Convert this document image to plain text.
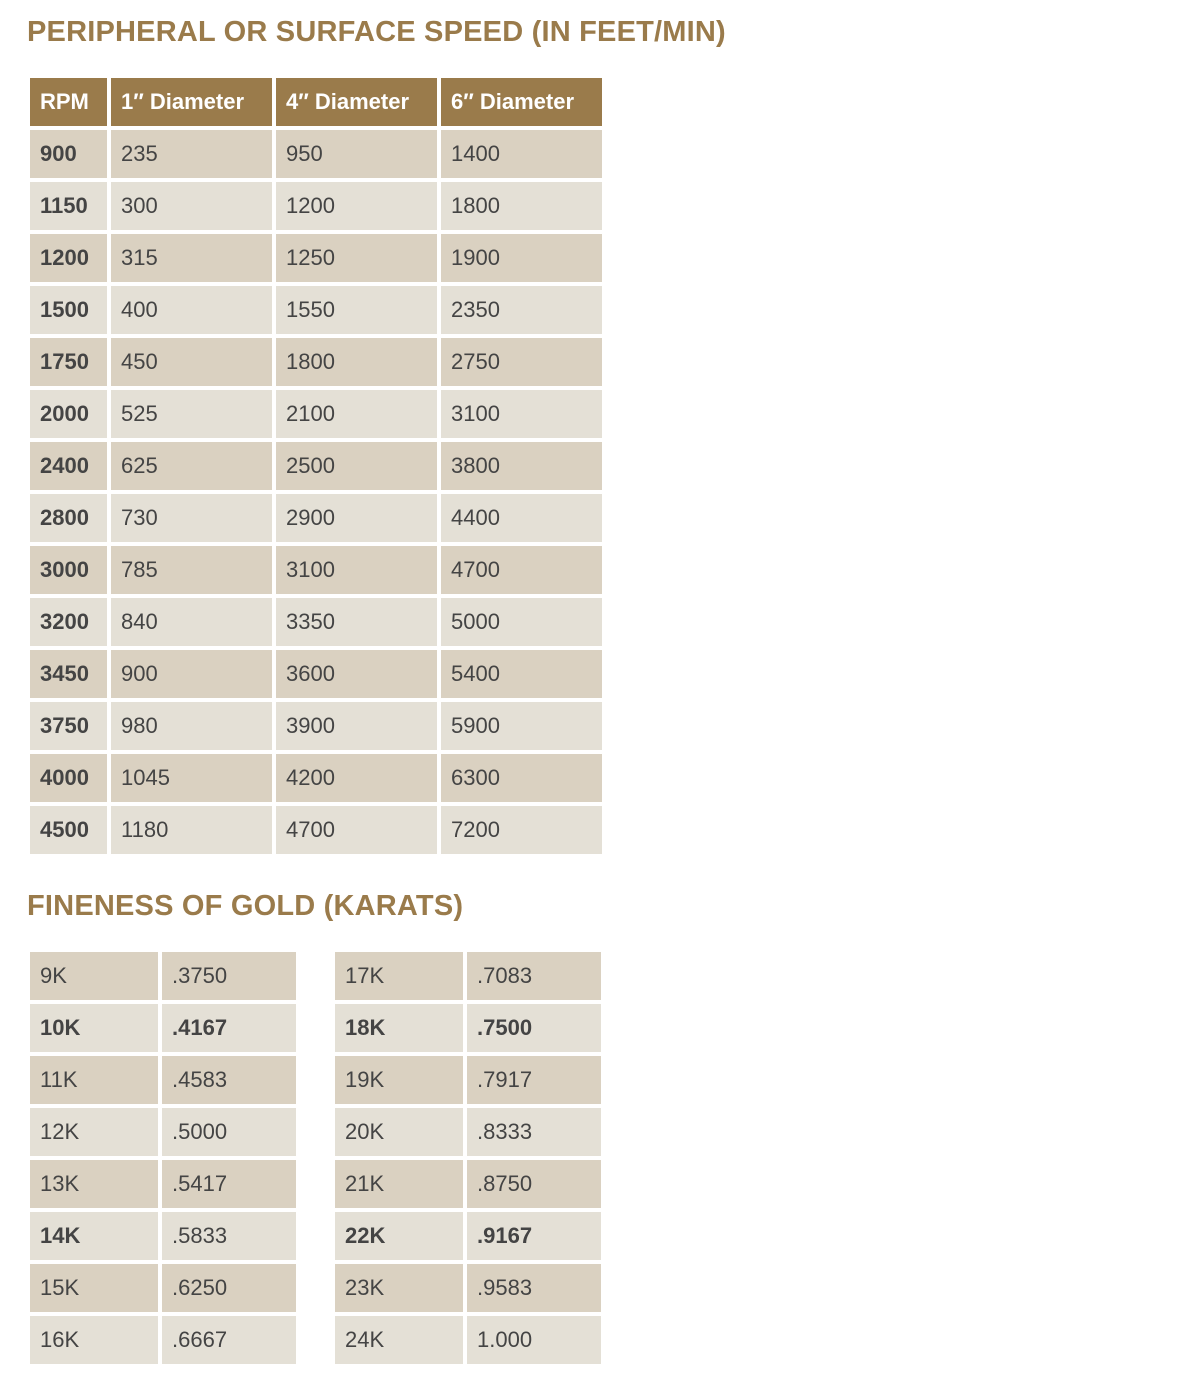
PERIPHERAL OR SURFACE SPEED (IN FEET/MIN)
RPM	1″ Diameter	4″ Diameter	6″ Diameter
900	235	950	1400
1150	300	1200	1800
1200	315	1250	1900
1500	400	1550	2350
1750	450	1800	2750
2000	525	2100	3100
2400	625	2500	3800
2800	730	2900	4400
3000	785	3100	4700
3200	840	3350	5000
3450	900	3600	5400
3750	980	3900	5900
4000	1045	4200	6300
4500	1180	4700	7200
FINENESS OF GOLD (KARATS)
9K	.3750
10K	.4167
11K	.4583
12K	.5000
13K	.5417
14K	.5833
15K	.6250
16K	.6667
17K	.7083
18K	.7500
19K	.7917
20K	.8333
21K	.8750
22K	.9167
23K	.9583
24K	1.000
